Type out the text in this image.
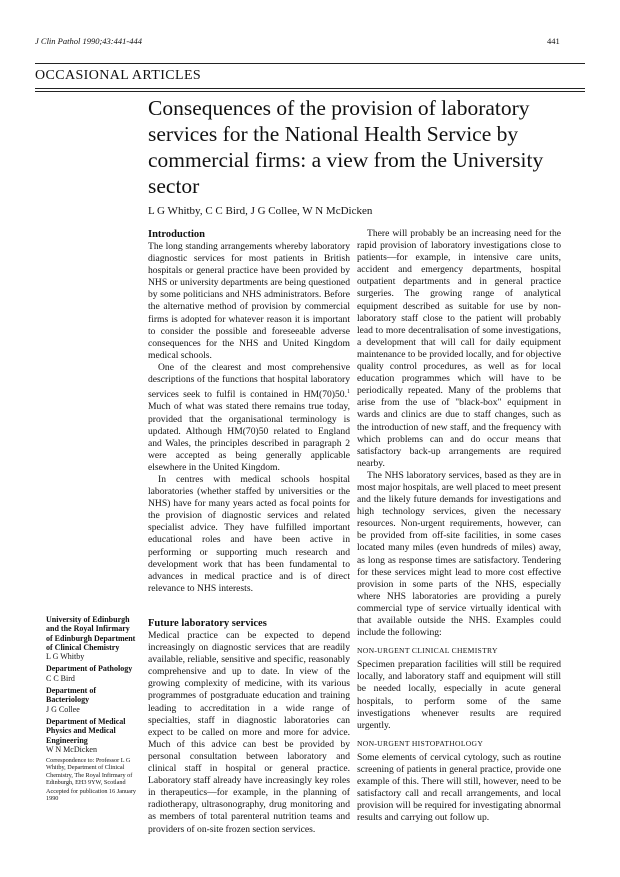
J Clin Pathol 1990;43:441-444	441
OCCASIONAL ARTICLES
Consequences of the provision of laboratory services for the National Health Service by commercial firms: a view from the University sector
L G Whitby, C C Bird, J G Collee, W N McDicken
Introduction

The long standing arrangements whereby laboratory diagnostic services for most patients in British hospitals or general practice have been provided by NHS or university departments are being questioned by some politicians and NHS administrators. Before the alternative method of provision by commercial firms is adopted for whatever reason it is important to consider the possible and foreseeable adverse consequences for the NHS and United Kingdom medical schools.

One of the clearest and most comprehensive descriptions of the functions that hospital laboratory services seek to fulfil is contained in HM(70)50.$^1$ Much of what was stated there remains true today, provided that the organisational terminology is updated. Although HM(70)50 related to England and Wales, the principles described in paragraph 2 were accepted as being generally applicable elsewhere in the United Kingdom.

In centres with medical schools hospital laboratories (whether staffed by universities or the NHS) have for many years acted as focal points for the provision of diagnostic services and related specialist advice. They have fulfilled important educational roles and have been active in performing or supporting much research and development work that has been fundamental to advances in medical practice and is of direct relevance to NHS interests.

Future laboratory services

Medical practice can be expected to depend increasingly on diagnostic services that are readily available, reliable, sensitive and specific, reasonably comprehensive and up to date. In view of the growing complexity of medicine, with its various programmes of postgraduate education and training leading to accreditation in a wide range of specialties, staff in diagnostic laboratories can expect to be called on more and more for advice. Much of this advice can best be provided by personal consultation between laboratory and clinical staff in hospital or general practice. Laboratory staff already have increasingly key roles in therapeutics—for example, in the planning of radiotherapy, ultrasonography, drug monitoring and as members of total parenteral nutrition teams and providers of on-site frozen section services.

There will probably be an increasing need for the rapid provision of laboratory investigations close to patients—for example, in intensive care units, accident and emergency departments, hospital outpatient departments and in general practice surgeries. The growing range of analytical equipment described as suitable for use by non-laboratory staff close to the patient will probably lead to more decentralisation of some investigations, a development that will call for daily equipment maintenance to be provided locally, and for objective quality control procedures, as well as for local education programmes which will have to be periodically repeated. Many of the problems that arise from the use of "black-box" equipment in wards and clinics are due to staff changes, such as the introduction of new staff, and the frequency with which problems can and do occur means that satisfactory back-up arrangements are required nearby.

The NHS laboratory services, based as they are in most major hospitals, are well placed to meet present and the likely future demands for investigations and high technology services, given the necessary resources. Non-urgent requirements, however, can be provided from off-site facilities, in some cases located many miles (even hundreds of miles) away, as long as response times are satisfactory. Tendering for these services might lead to more cost effective provision in some parts of the NHS, especially where NHS laboratories are providing a purely commercial type of service virtually identical with that available outside the NHS. Examples could include the following:

NON-URGENT CLINICAL CHEMISTRY

Specimen preparation facilities will still be required locally, and laboratory staff and equipment will still be needed locally, especially in acute general hospitals, to perform some of the same investigations whenever results are required urgently.

NON-URGENT HISTOPATHOLOGY

Some elements of cervical cytology, such as routine screening of patients in general practice, provide one example of this. There will still, however, need to be satisfactory call and recall arrangements, and local provision will be required for investigating abnormal results and carrying out follow up.

University of Edinburgh and the Royal Infirmary of Edinburgh Department of Clinical Chemistry
L G Whitby
Department of Pathology
C C Bird
Department of Bacteriology
J G Collee
Department of Medical Physics and Medical Engineering
W N McDicken
Correspondence to: Professor L G Whitby, Department of Clinical Chemistry, The Royal Infirmary of Edinburgh, EH3 9YW, Scotland
Accepted for publication 16 January 1990
